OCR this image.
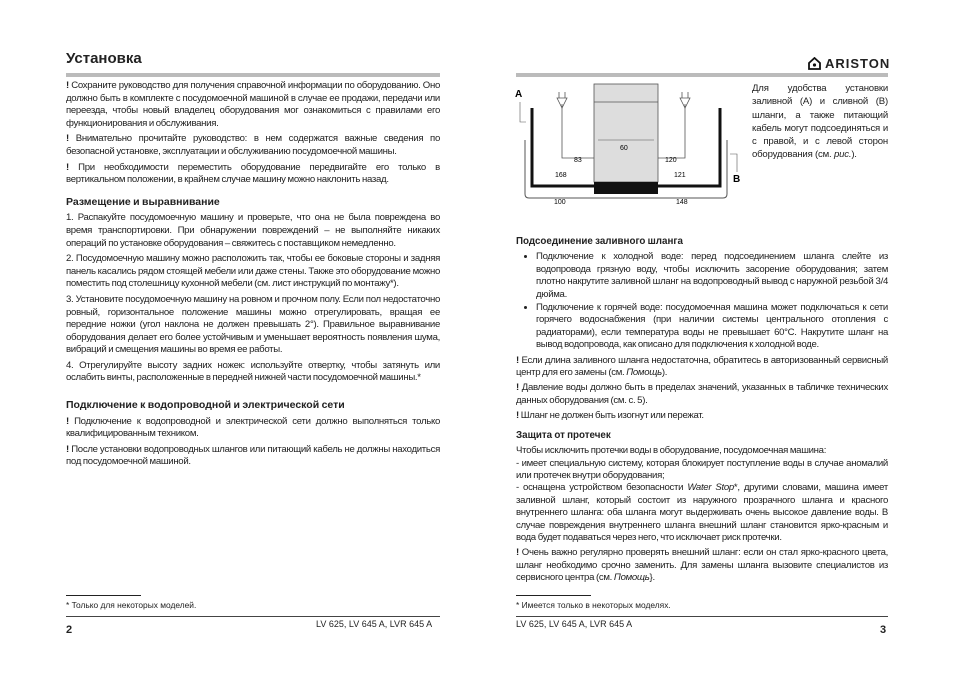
Установка

! Сохраните руководство для получения справочной информации по оборудованию. Оно должно быть в комплекте с посудомоечной машиной в случае ее продажи, передачи или переезда, чтобы новый владелец оборудования мог ознакомиться с правилами его функционирования и обслуживания.

! Внимательно прочитайте руководство: в нем содержатся важные сведения по безопасной установке, эксплуатации и обслуживанию посудомоечной машины.

! При необходимости переместить оборудование передвигайте его только в вертикальном положении, в крайнем случае машину можно наклонить назад.

Размещение и выравнивание

1. Распакуйте посудомоечную машину и проверьте, что она не была повреждена во время транспортировки. При обнаружении повреждений – не выполняйте никаких операций по установке оборудования – свяжитесь с поставщиком немедленно.

2. Посудомоечную машину можно расположить так, чтобы ее боковые стороны и задняя панель касались рядом стоящей мебели или даже стены. Также это оборудование можно поместить под столешницу кухонной мебели (см. лист инструкций по монтажу*).

3. Установите посудомоечную машину на ровном и прочном полу. Если пол недостаточно ровный, горизонтальное положение машины можно отрегулировать, вращая ее передние ножки (угол наклона не должен превышать 2°). Правильное выравнивание оборудования делает его более устойчивым и уменьшает вероятность появления шума, вибраций и смещения машины во время ее работы.

4. Отрегулируйте высоту задних ножек: используйте отвертку, чтобы затянуть или ослабить винты, расположенные в передней нижней части посудомоечной машины.*

Подключение к водопроводной и электрической сети

! Подключение к водопроводной и электрической сети должно выполняться только квалифицированным техником.

! После установки водопроводных шлангов или питающий кабель не должны находиться под посудомоечной машиной.

* Только для некоторых моделей.
2	LV 625, LV 645 A, LVR 645 A
ARISTON
A
B
60
83	120
168	121
100	148
Для удобства установки заливной (А) и сливной (В) шланги, а также питающий кабель могут подсоединяться и с правой, и с левой сторон оборудования (см. рис.).
Подсоединение заливного шланга
• Подключение к холодной воде: перед подсоединением шланга слейте из водопровода грязную воду, чтобы исключить засорение оборудования; затем плотно накрутите заливной шланг на водопроводный вывод с наружной резьбой 3/4 дюйма.
• Подключение к горячей воде: посудомоечная машина может подключаться к сети горячего водоснабжения (при наличии системы центрального отопления с радиаторами), если температура воды не превышает 60°C. Накрутите шланг на вывод водопровода, как описано для подключения к холодной воде.

! Если длина заливного шланга недостаточна, обратитесь в авторизованный сервисный центр для его замены (см. Помощь).

! Давление воды должно быть в пределах значений, указанных в табличке технических данных оборудования (см. с. 5).

! Шланг не должен быть изогнут или пережат.

Защита от протечек

Чтобы исключить протечки воды в оборудование, посудомоечная машина:
- имеет специальную систему, которая блокирует поступление воды в случае аномалий или протечек внутри оборудования;
- оснащена устройством безопасности Water Stop*, другими словами, машина имеет заливной шланг, который состоит из наружного прозрачного шланга и красного внутреннего шланга: оба шланга могут выдерживать очень высокое давление воды. В случае повреждения внутреннего шланга внешний шланг становится ярко-красным и вода будет подаваться через него, что исключает риск протечки.

! Очень важно регулярно проверять внешний шланг: если он стал ярко-красного цвета, шланг необходимо срочно заменить. Для замены шланга вызовите специалистов из сервисного центра (см. Помощь}.

* Имеется только в некоторых моделях.
LV 625, LV 645 A, LVR 645 A	3
